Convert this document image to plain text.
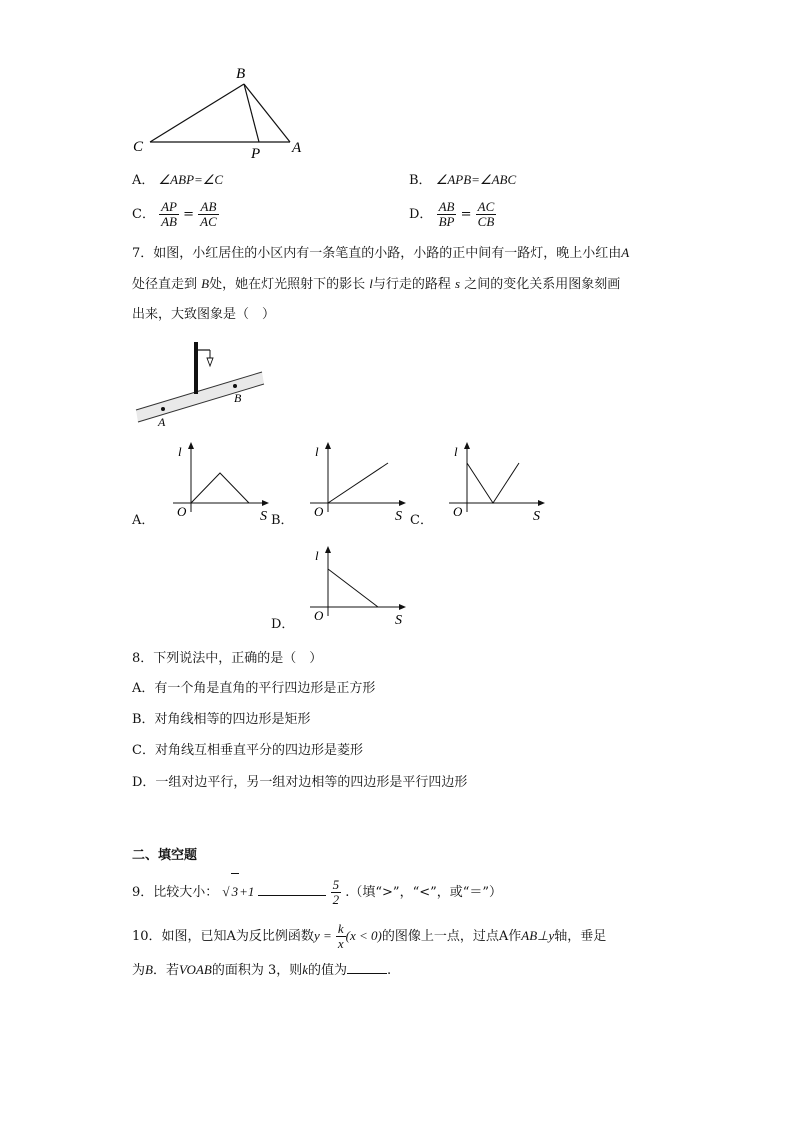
B
C	P A
A． ∠ABP=∠C	B． ∠APB=∠ABC
C． $\frac{AP}{AB} = \frac{AB}{AC}$	D． $\frac{AB}{BP} = \frac{AC}{CB}$
7．如图，小红居住的小区内有一条笔直的小路，小路的正中间有一路灯，晚上小红由A
处径直走到 B处，她在灯光照射下的影长 l与行走的路程 s 之间的变化关系用图象刻画
出来，大致图象是（　）
A
B
l
O	S
A．
l
O	S
B．
l
O	S
C．
l
O	S
D．
8．下列说法中，正确的是（　）
A．有一个角是直角的平行四边形是正方形
B．对角线相等的四边形是矩形
C．对角线互相垂直平分的四边形是菱形
D．一组对边平行，另一组对边相等的四边形是平行四边形
二、填空题
9．比较大小： √ 3+1	$\frac{5}{2}$ .（填“>”，“<”，或“＝”）
10．如图，已知A为反比例函数$y = \frac{k}{x} (x < 0)$的图像上一点，过点A作AB⊥y轴，垂足
为B．若VOAB的面积为 3，则k的值为	.
